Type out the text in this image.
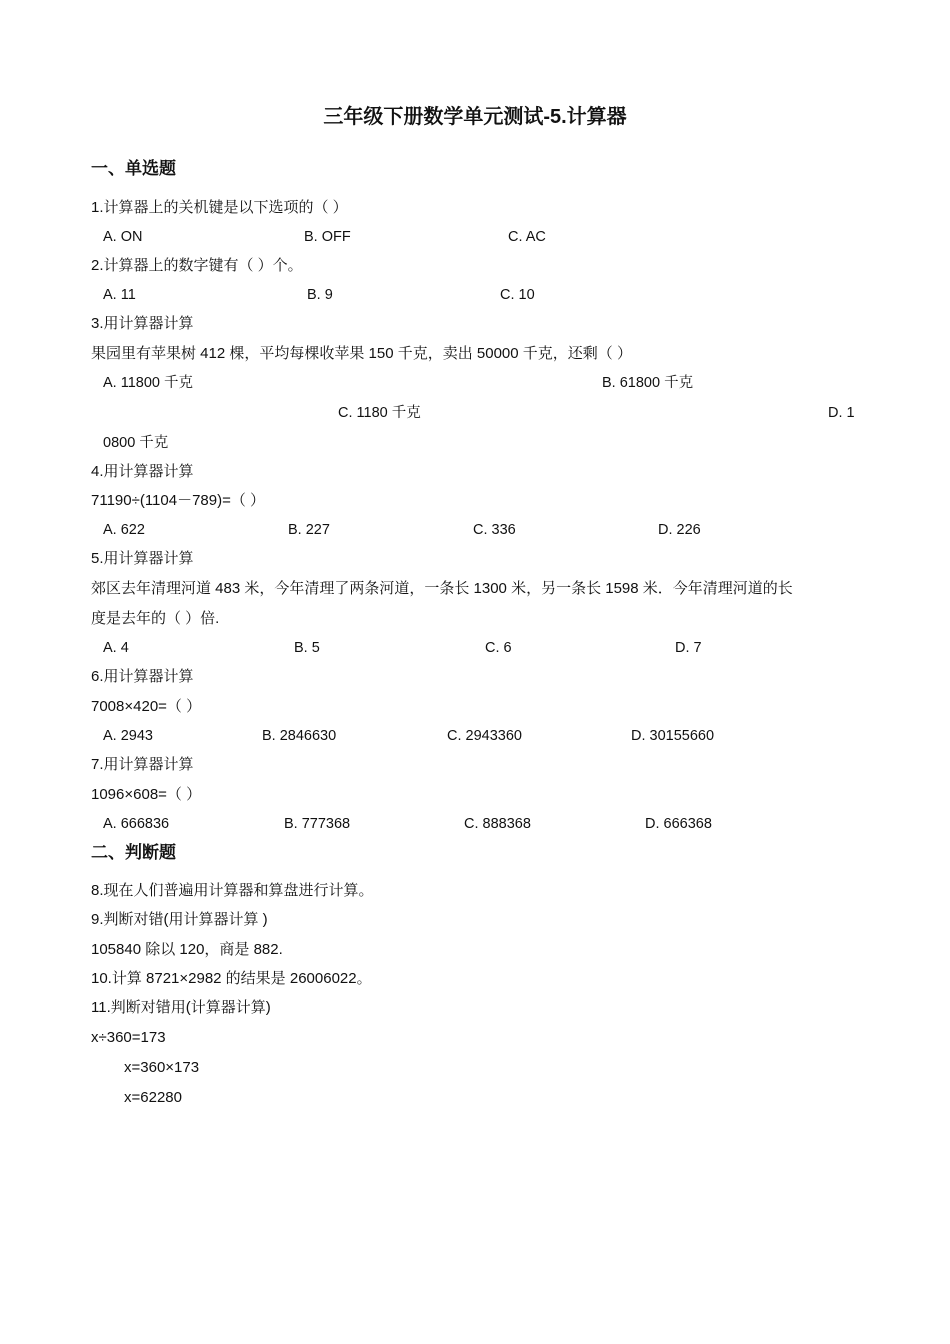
三年级下册数学单元测试-5.计算器
一、单选题
1.计算器上的关机键是以下选项的（ ）
A. ON	B. OFF	C. AC
2.计算器上的数字键有（ ）个。
A. 11	B. 9	C. 10
3.用计算器计算
果园里有苹果树 412 棵，平均每棵收苹果 150 千克，卖出 50000 千克，还剩（ ）
A. 11800 千克	B. 61800 千克
C. 1180 千克	D. 1
0800 千克
4.用计算器计算
71190÷(1104－789)=（ ）
A. 622	B. 227	C. 336	D. 226
5.用计算器计算
郊区去年清理河道 483 米，今年清理了两条河道，一条长 1300 米，另一条长 1598 米．今年清理河道的长
度是去年的（ ）倍.
A. 4	B. 5	C. 6	D. 7
6.用计算器计算
7008×420=（ ）
A. 2943	B. 2846630	C. 2943360	D. 30155660
7.用计算器计算
1096×608=（ ）
A. 666836	B. 777368	C. 888368	D. 666368
二、判断题
8.现在人们普遍用计算器和算盘进行计算。
9.判断对错(用计算器计算 )
105840 除以 120，商是 882.
10.计算 8721×2982 的结果是 26006022。
11.判断对错用(计算器计算)
x÷360=173
x=360×173
x=62280
